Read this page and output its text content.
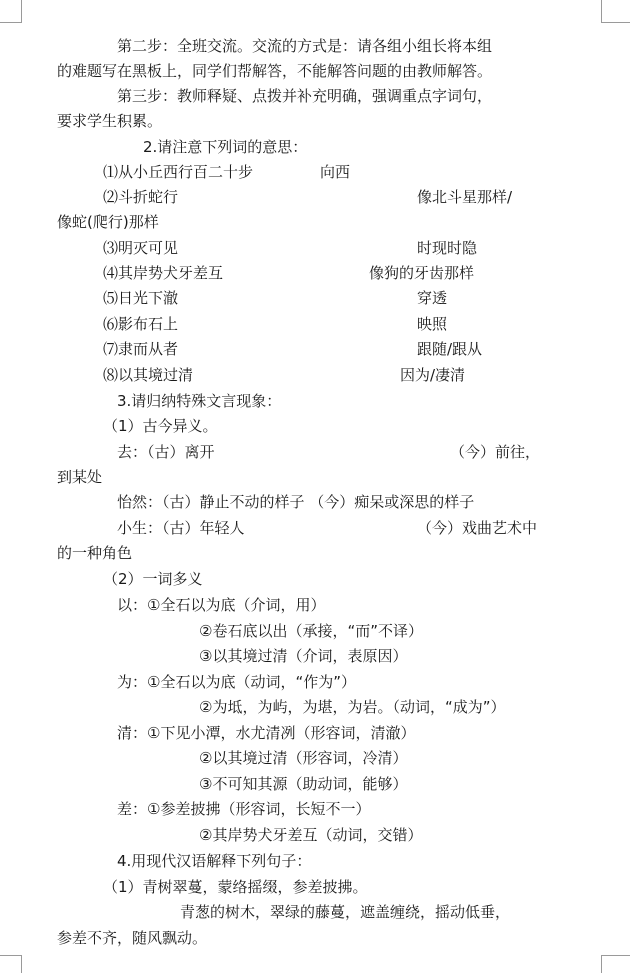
第二步：全班交流。交流的方式是：请各组小组长将本组
的难题写在黑板上，同学们帮解答，不能解答问题的由教师解答。
第三步：教师释疑、点拨并补充明确，强调重点字词句，
要求学生积累。
2.请注意下列词的意思：
⑴从小丘西行百二十步	向西
⑵斗折蛇行	像北斗星那样/
像蛇(爬行)那样
⑶明灭可见	时现时隐
⑷其岸势犬牙差互	像狗的牙齿那样
⑸日光下澈	穿透
⑹影布石上	映照
⑺隶而从者	跟随/跟从
⑻以其境过清	因为/凄清
3.请归纳特殊文言现象：
（1）古今异义。
去：（古）离开	（今）前往，
到某处
怡然：（古）静止不动的样子 （今）痴呆或深思的样子
小生：（古）年轻人	（今）戏曲艺术中
的一种角色
（2）一词多义
以：①全石以为底（介词，用）
②卷石底以出（承接，“而”不译）
③以其境过清（介词，表原因）
为：①全石以为底（动词，“作为”）
②为坻，为屿，为堪，为岩。（动词，“成为”）
清：①下见小潭，水尤清冽（形容词，清澈）
②以其境过清（形容词，冷清）
③不可知其源（助动词，能够）
差：①参差披拂（形容词，长短不一）
②其岸势犬牙差互（动词，交错）
4.用现代汉语解释下列句子：
（1）青树翠蔓，蒙络摇缀，参差披拂。
青葱的树木，翠绿的藤蔓，遮盖缠绕，摇动低垂，
参差不齐，随风飘动。
